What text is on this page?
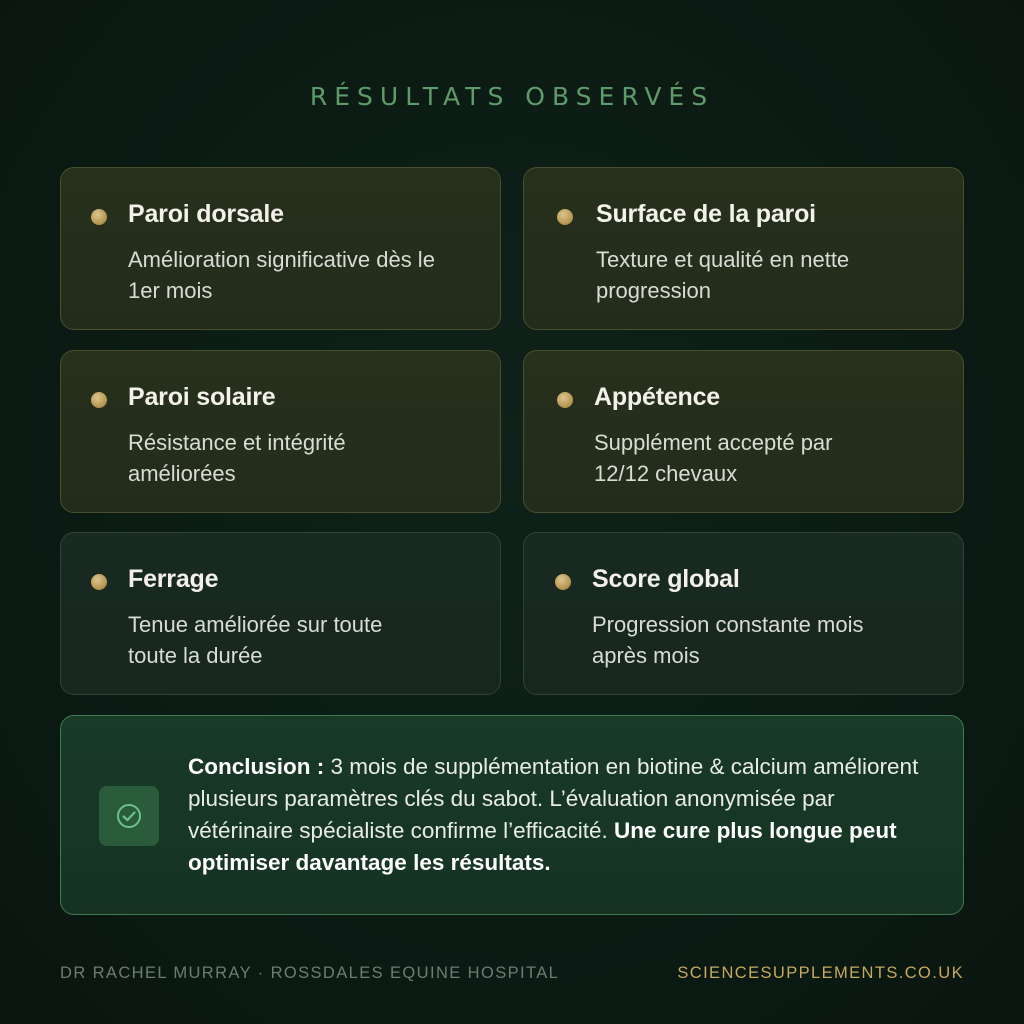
RÉSULTATS OBSERVÉS
Paroi dorsale
Amélioration significative dès le 1er mois
Surface de la paroi
Texture et qualité en nette progression
Paroi solaire
Résistance et intégrité améliorées
Appétence
Supplément accepté par 12/12 chevaux
Ferrage
Tenue améliorée sur toute toute la durée
Score global
Progression constante mois après mois
Conclusion : 3 mois de supplémentation en biotine & calcium améliorent plusieurs paramètres clés du sabot. L’évaluation anonymisée par vétérinaire spécialiste confirme l’efficacité. Une cure plus longue peut optimiser davantage les résultats.
DR RACHEL MURRAY · ROSSDALES EQUINE HOSPITAL	SCIENCESUPPLEMENTS.CO.UK
